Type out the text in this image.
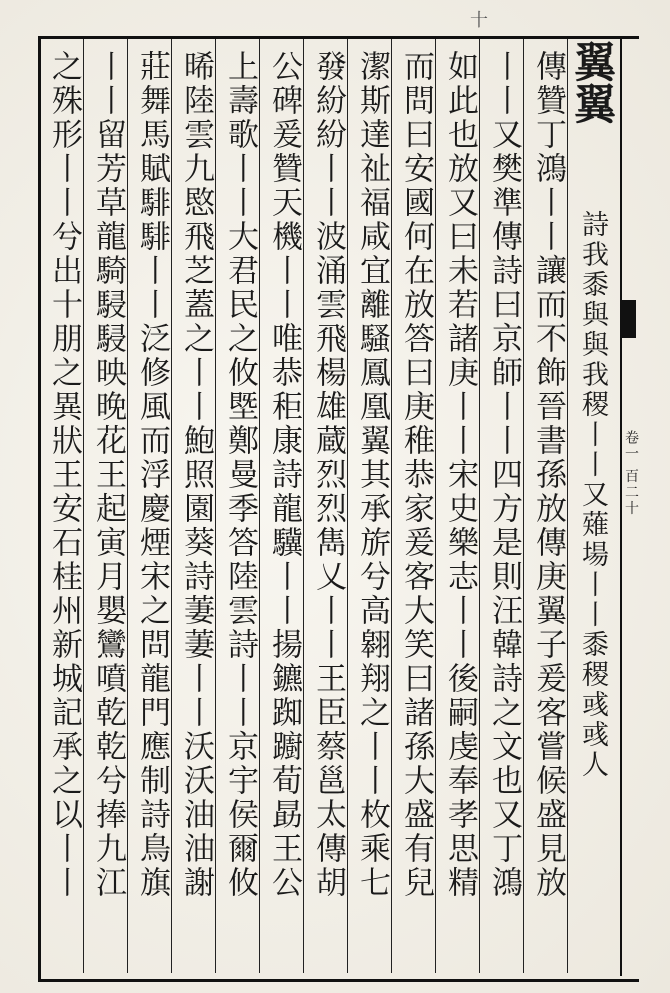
十
卷一 百二十
之殊形丨丨兮出十朋之異狀王安石桂州新城記承之以丨丨 丨丨留芳草龍騎駸駸映晚花王起寅月嬰鸞噴乾乾兮捧九江 莊舞馬賦騑騑丨丨泛修風而浮慶煙宋之問龍門應制詩鳥旗 晞陸雲九愍飛芝蓋之丨丨鮑照園葵詩萋萋丨丨沃沃油油謝 上壽歌丨丨大君民之攸塈鄭曼季答陸雲詩丨丨京宇侯爾攸 公碑爰贊天機丨丨唯恭秬康詩龍驥丨丨揚鑣踟躕荀勗王公 發紛紛丨丨波涌雲飛楊雄蔵烈烈雋乂丨丨王臣蔡邕太傳胡 潔斯達祉福咸宜離騷鳳凰翼其承旂兮高翱翔之丨丨枚乘七 而問曰安國何在放答曰庚稚恭家爰客大笑曰諸孫大盛有兒 如此也放又曰未若諸庚丨丨宋史樂志丨丨後嗣虔奉孝思精 丨丨又樊準傳詩曰京師丨丨四方是則汪韓詩之文也又丁鴻 傳贊丁鴻丨丨讓而不飾晉書孫放傳庚翼子爰客嘗候盛見放 翼翼
詩我黍與與我稷丨丨又薙場丨丨黍稷彧彧人
